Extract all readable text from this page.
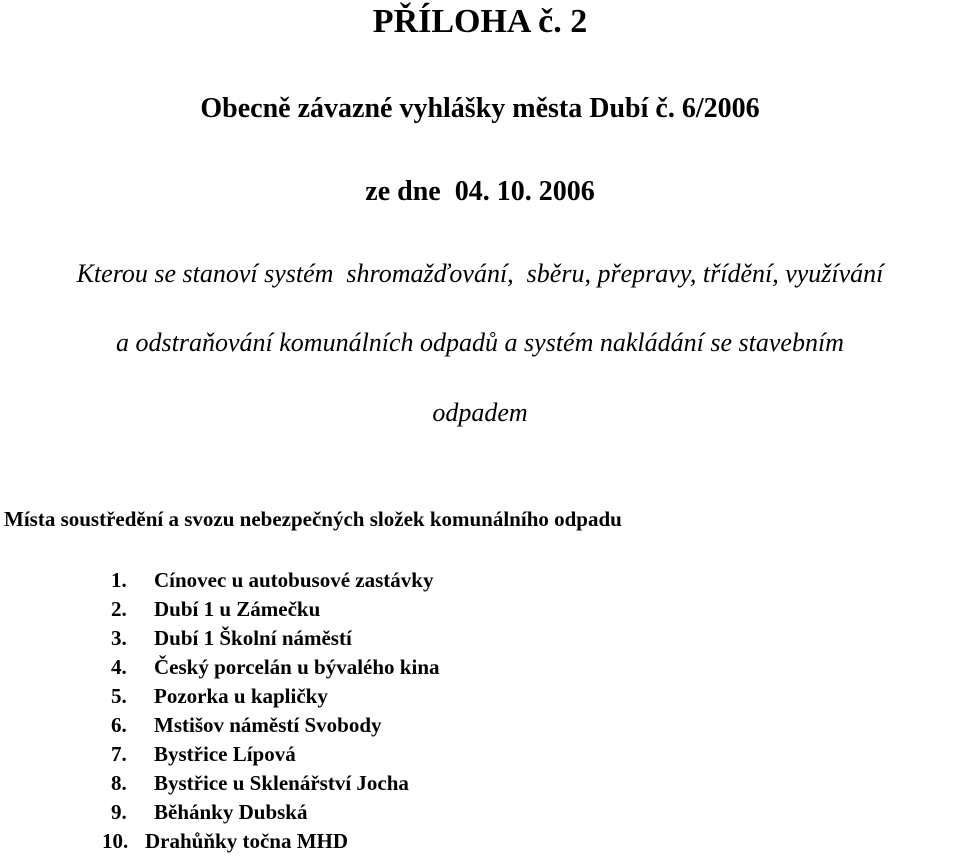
PŘÍLOHA č. 2
Obecně závazné vyhlášky města Dubí č. 6/2006
ze dne  04. 10. 2006
Kterou se stanoví systém  shromažďování,  sběru, přepravy, třídění, využívání
a odstraňování komunálních odpadů a systém nakládání se stavebním
odpadem
Místa soustředění a svozu nebezpečných složek komunálního odpadu
1. Cínovec u autobusové zastávky
2. Dubí 1 u Zámečku
3. Dubí 1 Školní náměstí
4. Český porcelán u bývalého kina
5. Pozorka u kapličky
6. Mstišov náměstí Svobody
7. Bystřice Lípová
8. Bystřice u Sklenářství Jocha
9. Běhánky Dubská
10. Drahůňky točna MHD
